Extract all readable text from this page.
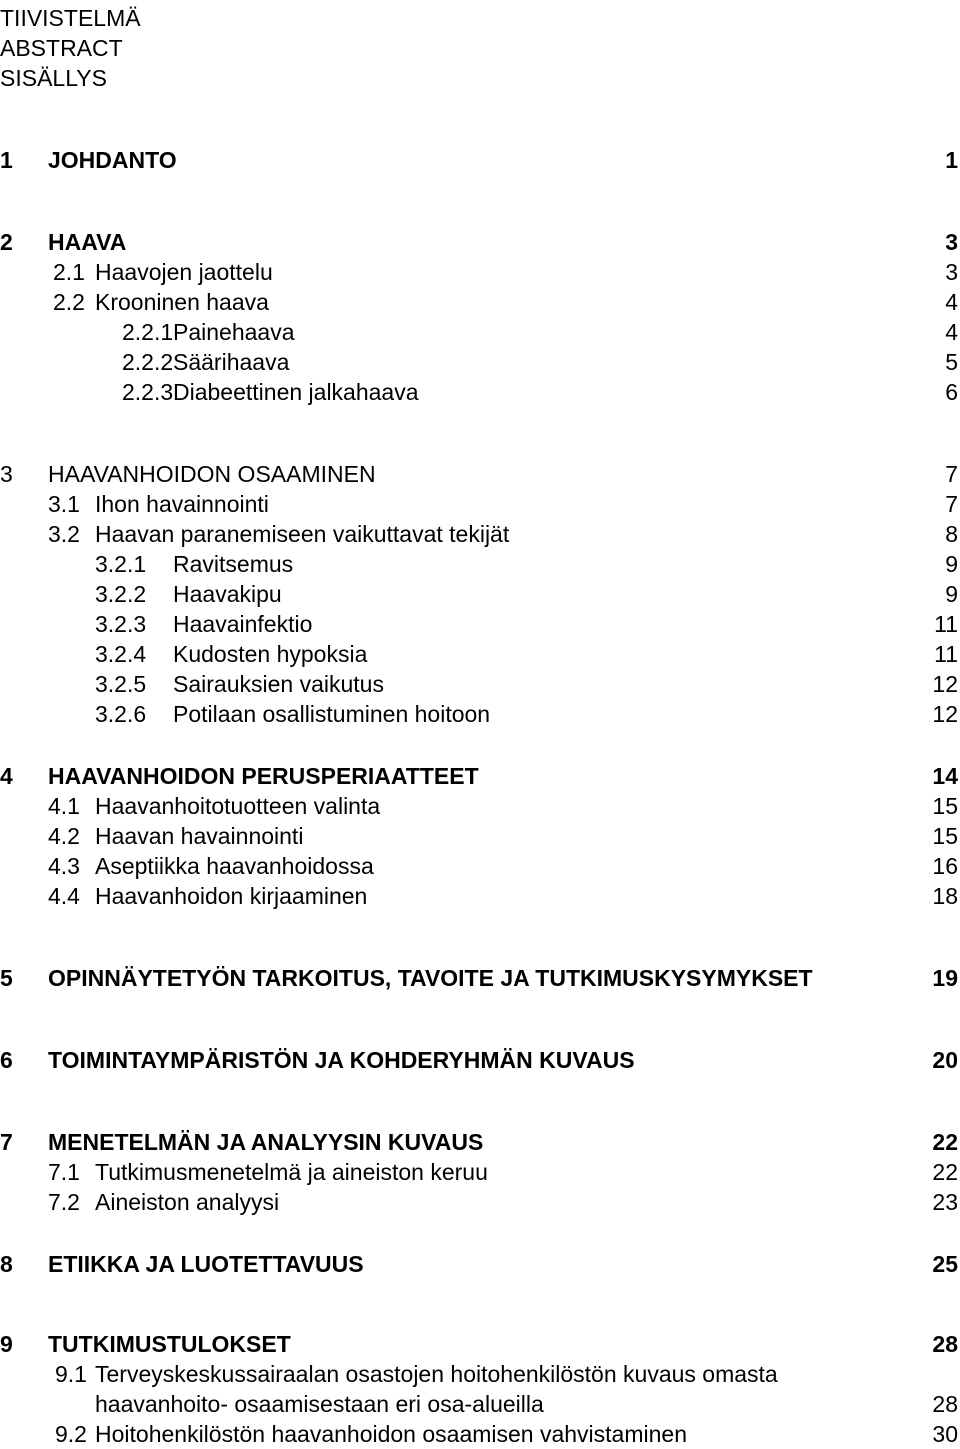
TIIVISTELMÄ
ABSTRACT
SISÄLLYS
1 JOHDANTO	1
2 HAAVA	3
2.1 Haavojen jaottelu	3
2.2 Krooninen haava	4
2.2.1 Painehaava	4
2.2.2 Säärihaava	5
2.2.3 Diabeettinen jalkahaava	6
3 HAAVANHOIDON OSAAMINEN	7
3.1 Ihon havainnointi	7
3.2 Haavan paranemiseen vaikuttavat tekijät	8
3.2.1 Ravitsemus	9
3.2.2 Haavakipu	9
3.2.3 Haavainfektio	11
3.2.4 Kudosten hypoksia	11
3.2.5 Sairauksien vaikutus	12
3.2.6 Potilaan osallistuminen hoitoon	12
4 HAAVANHOIDON PERUSPERIAATTEET	14
4.1 Haavanhoitotuotteen valinta	15
4.2 Haavan havainnointi	15
4.3 Aseptiikka haavanhoidossa	16
4.4 Haavanhoidon kirjaaminen	18
5 OPINNÄYTETYÖN TARKOITUS, TAVOITE JA TUTKIMUSKYSYMYKSET	19
6 TOIMINTAYMPÄRISTÖN JA KOHDERYHMÄN KUVAUS	20
7 MENETELMÄN JA ANALYYSIN KUVAUS	22
7.1 Tutkimusmenetelmä ja aineiston keruu	22
7.2 Aineiston analyysi	23
8 ETIIKKA JA LUOTETTAVUUS	25
9 TUTKIMUSTULOKSET	28
9.1 Terveyskeskussairaalan osastojen hoitohenkilöstön kuvaus omasta
haavanhoito- osaamisestaan eri osa-alueilla	28
9.2 Hoitohenkilöstön haavanhoidon osaamisen vahvistaminen	30
